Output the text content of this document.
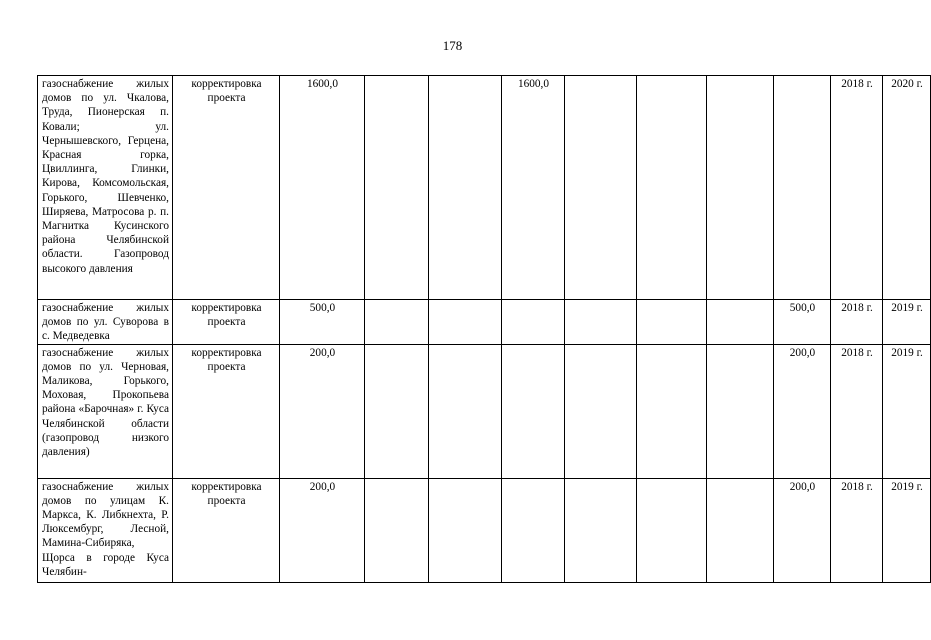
178
газоснабжение жилых домов по ул. Чкалова, Труда, Пионерская п. Ковали; ул. Чернышевского, Герцена, Красная горка, Цвиллинга, Глинки, Кирова, Комсомольская, Горького, Шевченко, Ширяева, Матросова р. п. Магнитка Кусинского района Челябинской области. Газопровод высокого давления	корректировка проекта	1600,0			1600,0					2018 г.	2020 г.
газоснабжение жилых домов по ул. Суворова в с. Медведевка	корректировка проекта	500,0							500,0	2018 г.	2019 г.
газоснабжение жилых домов по ул. Черновая, Маликова, Горького, Моховая, Прокопьева района «Барочная» г. Куса Челябинской области (газопровод низкого давления)	корректировка проекта	200,0							200,0	2018 г.	2019 г.
газоснабжение жилых домов по улицам К. Маркса, К. Либкнехта, Р. Люксембург, Лесной, Мамина-Сибиряка, Щорса в городе Куса Челябин-	корректировка проекта	200,0							200,0	2018 г.	2019 г.
